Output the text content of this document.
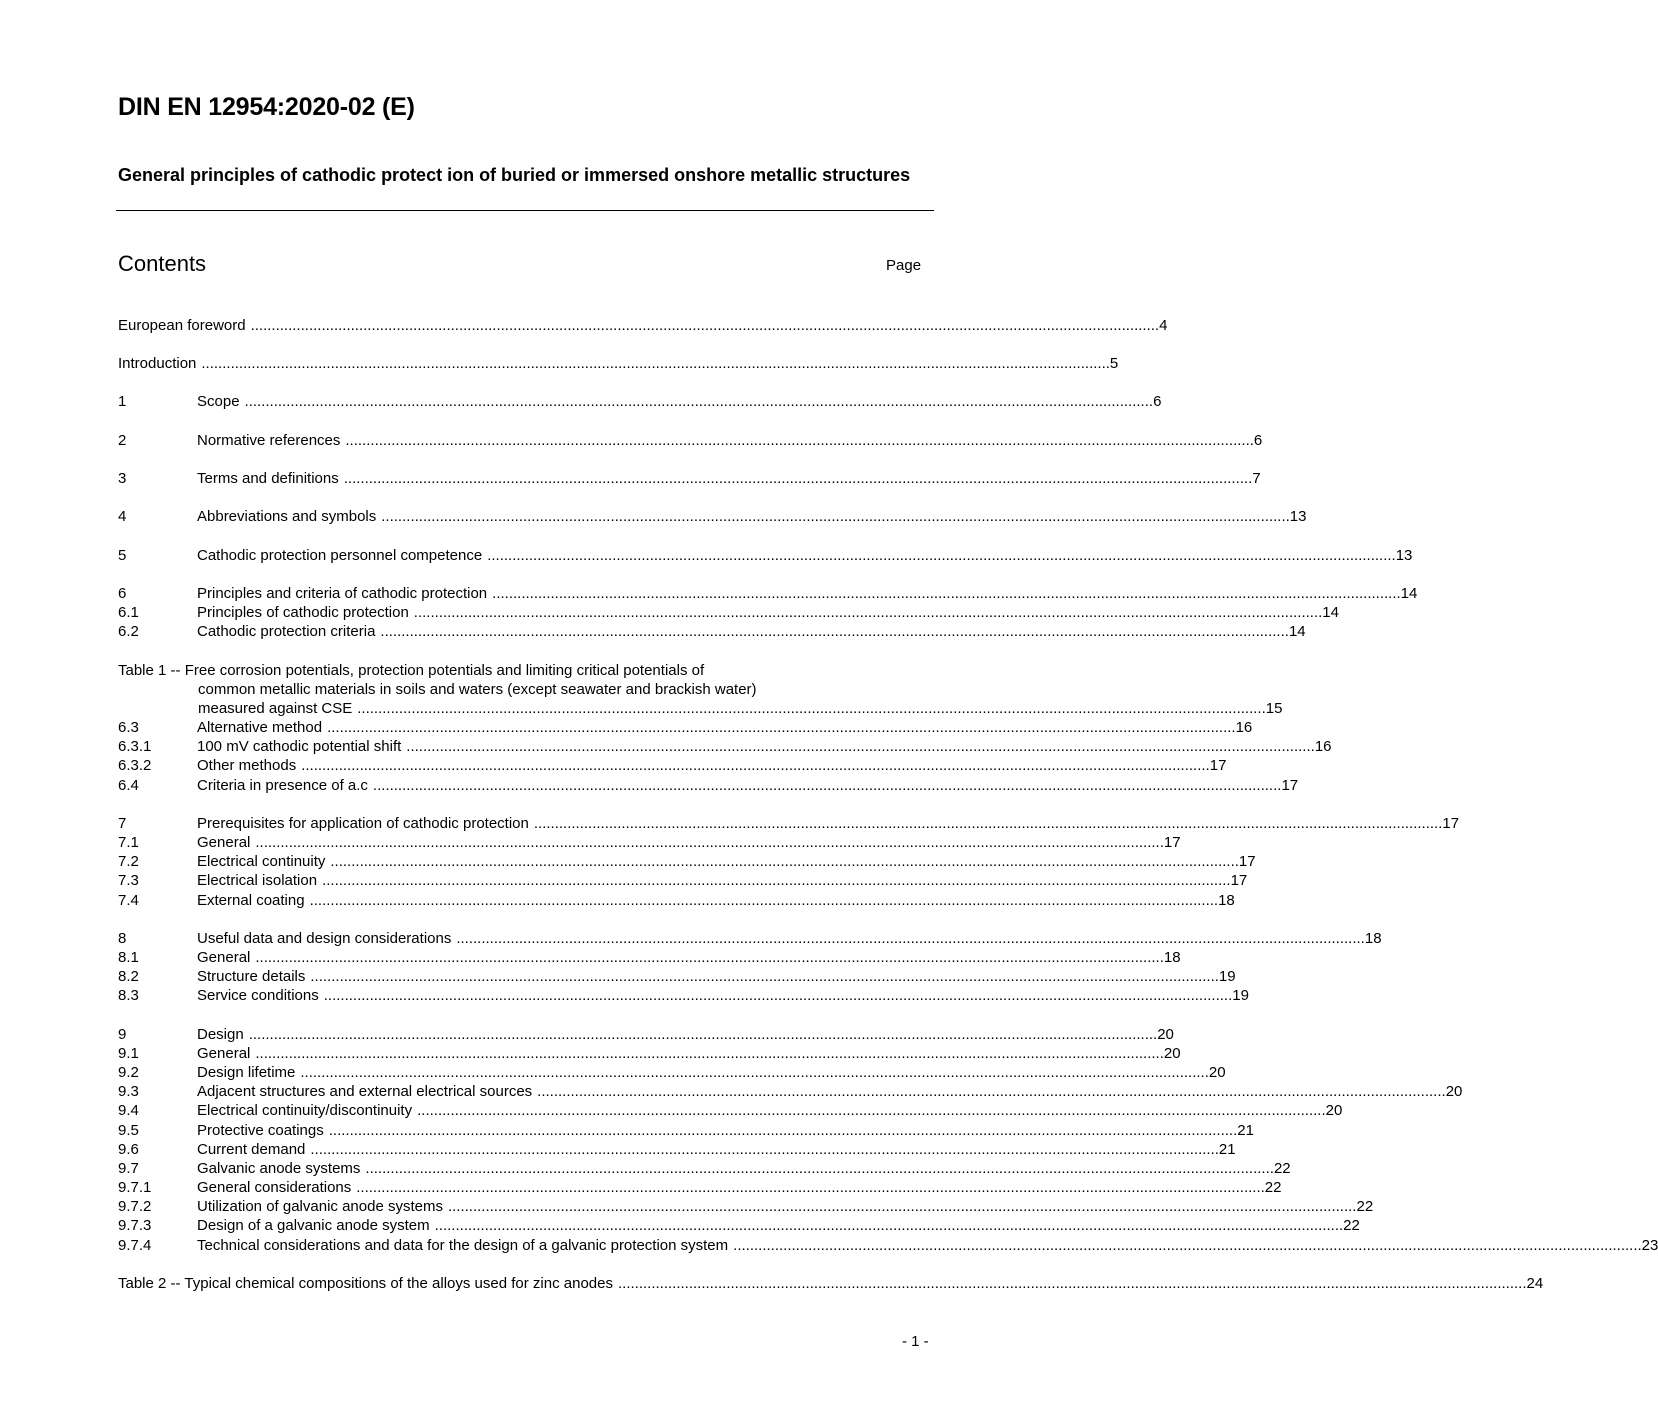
DIN EN 12954:2020-02 (E)
General principles of cathodic protect ion of buried or immersed onshore metallic structures
Contents	Page
European foreword .......................................................................................................................................................................................................................... 4
Introduction .......................................................................................................................................................................................................................... 5
1	Scope .......................................................................................................................................................................................................................... 6
2	Normative references .......................................................................................................................................................................................................................... 6
3	Terms and definitions .......................................................................................................................................................................................................................... 7
4	Abbreviations and symbols .......................................................................................................................................................................................................................... 13
5	Cathodic protection personnel competence .......................................................................................................................................................................................................................... 13
6	Principles and criteria of cathodic protection .......................................................................................................................................................................................................................... 14
6.1	Principles of cathodic protection .......................................................................................................................................................................................................................... 14
6.2	Cathodic protection criteria .......................................................................................................................................................................................................................... 14
Table 1 -- Free corrosion potentials, protection potentials and limiting critical potentials of
common metallic materials in soils and waters (except seawater and brackish water)
measured against CSE .......................................................................................................................................................................................................................... 15
6.3	Alternative method .......................................................................................................................................................................................................................... 16
6.3.1	100 mV cathodic potential shift .......................................................................................................................................................................................................................... 16
6.3.2	Other methods .......................................................................................................................................................................................................................... 17
6.4	Criteria in presence of a.c .......................................................................................................................................................................................................................... 17
7	Prerequisites for application of cathodic protection .......................................................................................................................................................................................................................... 17
7.1	General .......................................................................................................................................................................................................................... 17
7.2	Electrical continuity .......................................................................................................................................................................................................................... 17
7.3	Electrical isolation .......................................................................................................................................................................................................................... 17
7.4	External coating .......................................................................................................................................................................................................................... 18
8	Useful data and design considerations .......................................................................................................................................................................................................................... 18
8.1	General .......................................................................................................................................................................................................................... 18
8.2	Structure details .......................................................................................................................................................................................................................... 19
8.3	Service conditions .......................................................................................................................................................................................................................... 19
9	Design .......................................................................................................................................................................................................................... 20
9.1	General .......................................................................................................................................................................................................................... 20
9.2	Design lifetime .......................................................................................................................................................................................................................... 20
9.3	Adjacent structures and external electrical sources .......................................................................................................................................................................................................................... 20
9.4	Electrical continuity/discontinuity .......................................................................................................................................................................................................................... 20
9.5	Protective coatings .......................................................................................................................................................................................................................... 21
9.6	Current demand .......................................................................................................................................................................................................................... 21
9.7	Galvanic anode systems .......................................................................................................................................................................................................................... 22
9.7.1	General considerations .......................................................................................................................................................................................................................... 22
9.7.2	Utilization of galvanic anode systems .......................................................................................................................................................................................................................... 22
9.7.3	Design of a galvanic anode system .......................................................................................................................................................................................................................... 22
9.7.4	Technical considerations and data for the design of a galvanic protection system .......................................................................................................................................................................................................................... 23
Table 2 -- Typical chemical compositions of the alloys used for zinc anodes .......................................................................................................................................................................................................................... 24
- 1 -
